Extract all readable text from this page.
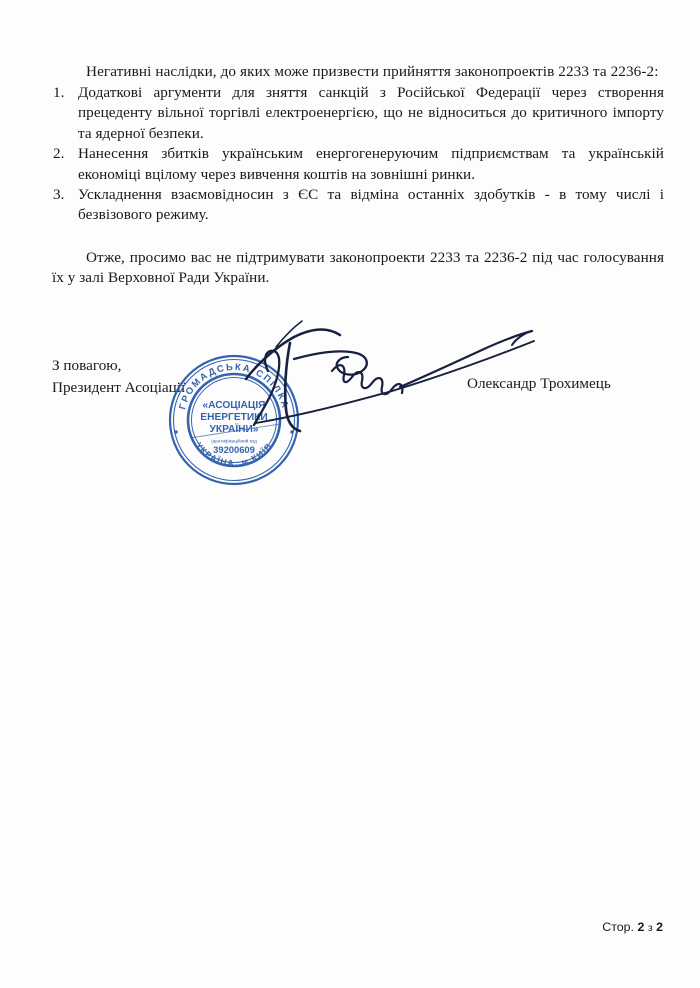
Негативні наслідки, до яких може призвести прийняття законопроектів 2233 та 2236-2:

Додаткові аргументи для зняття санкцій з Російської Федерації через створення прецеденту вільної торгівлі електроенергією, що не відноситься до критичного імпорту та ядерної безпеки.
Нанесення збитків українським енергогенеруючим підприємствам та українській економіці вцілому через вивчення коштів на зовнішні ринки.
Ускладнення взаємовідносин з ЄС та відміна останніх здобутків - в тому числі і безвізового режиму.

Отже, просимо вас не підтримувати законопроекти 2233 та 2236-2 під час голосування їх у залі Верховної Ради України.

З повагою,
Президент Асоціації	Олександр Трохимець
ГРОМАДСЬКА СПІЛКА
УКРАЇНА, м.КИЇВ
«АСОЦІАЦІЯ
ЕНЕРГЕТИКИ
УКРАЇНИ»
Ідентифікаційний код
39200609
Стор. 2 з 2
